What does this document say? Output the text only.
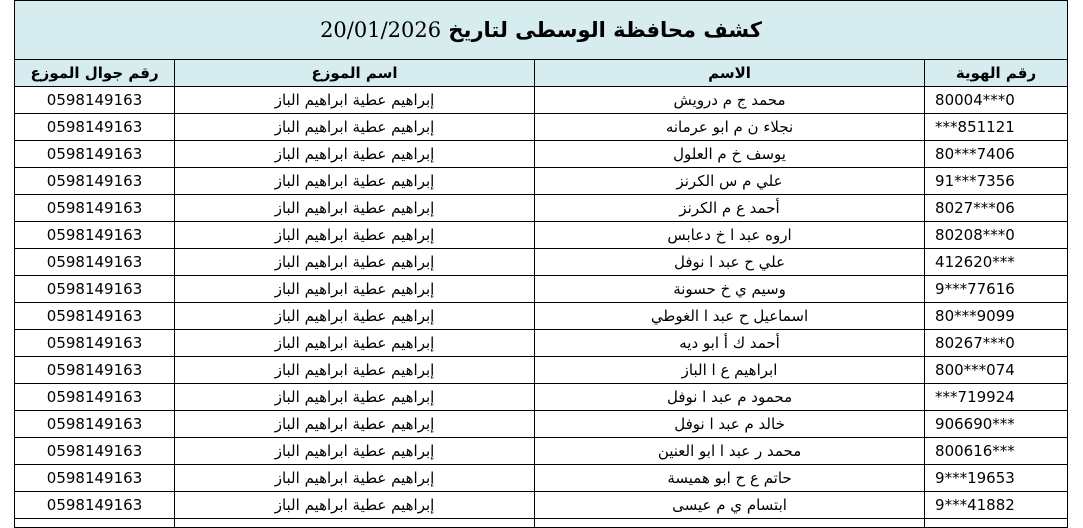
كشف محافظة الوسطى لتاريخ 20/01/2026			
رقم الهوية	الاسم	اسم الموزع	رقم جوال الموزع
80004***0	محمد ج م درويش	إبراهيم عطية ابراهيم الباز	0598149163
***851121	نجلاء ن م ابو عرمانه	إبراهيم عطية ابراهيم الباز	0598149163
80***7406	يوسف خ م العلول	إبراهيم عطية ابراهيم الباز	0598149163
91***7356	علي م س الكرنز	إبراهيم عطية ابراهيم الباز	0598149163
8027***06	أحمد ع م الكرنز	إبراهيم عطية ابراهيم الباز	0598149163
80208***0	اروه عبد ا خ دعابس	إبراهيم عطية ابراهيم الباز	0598149163
412620***	علي ح عبد ا نوفل	إبراهيم عطية ابراهيم الباز	0598149163
9***77616	وسيم ي خ حسونة	إبراهيم عطية ابراهيم الباز	0598149163
80***9099	اسماعيل ح عبد ا الغوطي	إبراهيم عطية ابراهيم الباز	0598149163
80267***0	أحمد ك أ ابو ديه	إبراهيم عطية ابراهيم الباز	0598149163
800***074	ابراهيم ع ا الباز	إبراهيم عطية ابراهيم الباز	0598149163
***719924	محمود م عبد ا نوفل	إبراهيم عطية ابراهيم الباز	0598149163
906690***	خالد م عبد ا نوفل	إبراهيم عطية ابراهيم الباز	0598149163
800616***	محمد ر عبد ا ابو العنين	إبراهيم عطية ابراهيم الباز	0598149163
9***19653	حاتم ع ح ابو هميسة	إبراهيم عطية ابراهيم الباز	0598149163
9***41882	ابتسام ي م عيسى	إبراهيم عطية ابراهيم الباز	0598149163
